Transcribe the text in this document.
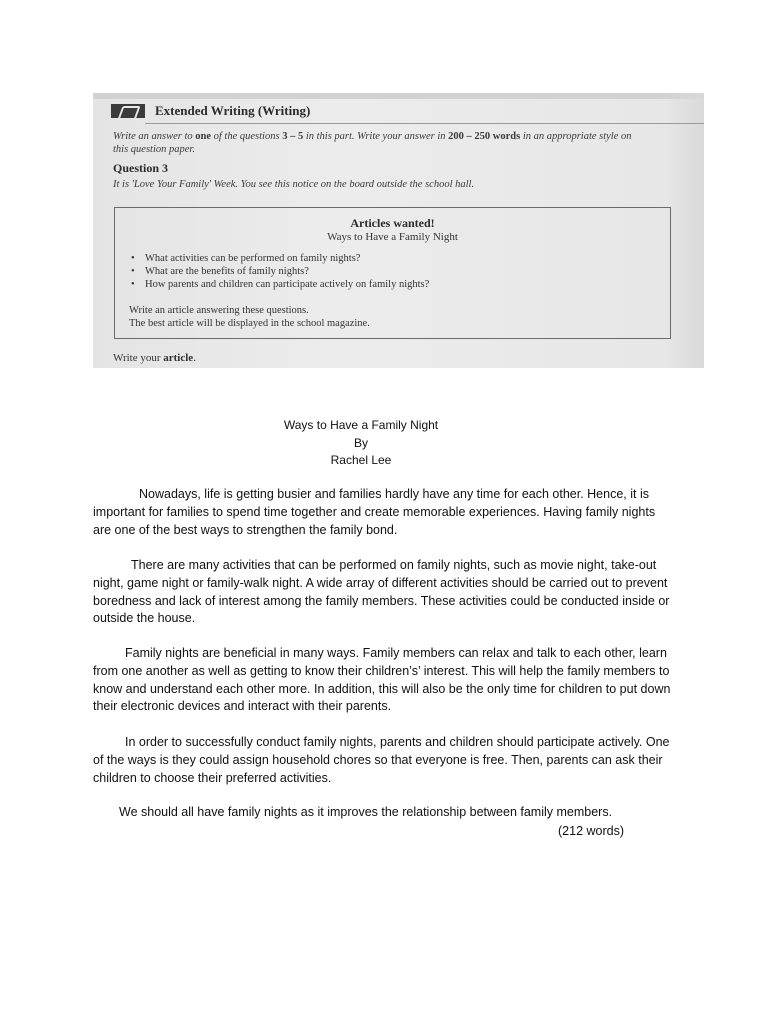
Extended Writing (Writing)
Write an answer to one of the questions 3 – 5 in this part. Write your answer in 200 – 250 words in an appropriate style on
this question paper.
Question 3
It is 'Love Your Family' Week. You see this notice on the board outside the school hall.
Articles wanted!
Ways to Have a Family Night
• What activities can be performed on family nights?
• What are the benefits of family nights?
• How parents and children can participate actively on family nights?
Write an article answering these questions.
The best article will be displayed in the school magazine.
Write your article.
Ways to Have a Family Night
By
Rachel Lee

Nowadays, life is getting busier and families hardly have any time for each other. Hence, it is important for families to spend time together and create memorable experiences. Having family nights are one of the best ways to strengthen the family bond.

There are many activities that can be performed on family nights, such as movie night, take-out night, game night or family-walk night. A wide array of different activities should be carried out to prevent boredness and lack of interest among the family members. These activities could be conducted inside or outside the house.

Family nights are beneficial in many ways. Family members can relax and talk to each other, learn from one another as well as getting to know their children’s’ interest. This will help the family members to know and understand each other more. In addition, this will also be the only time for children to put down their electronic devices and interact with their parents.

In order to successfully conduct family nights, parents and children should participate actively. One of the ways is they could assign household chores so that everyone is free. Then, parents can ask their children to choose their preferred activities.

We should all have family nights as it improves the relationship between family members.

(212 words)
